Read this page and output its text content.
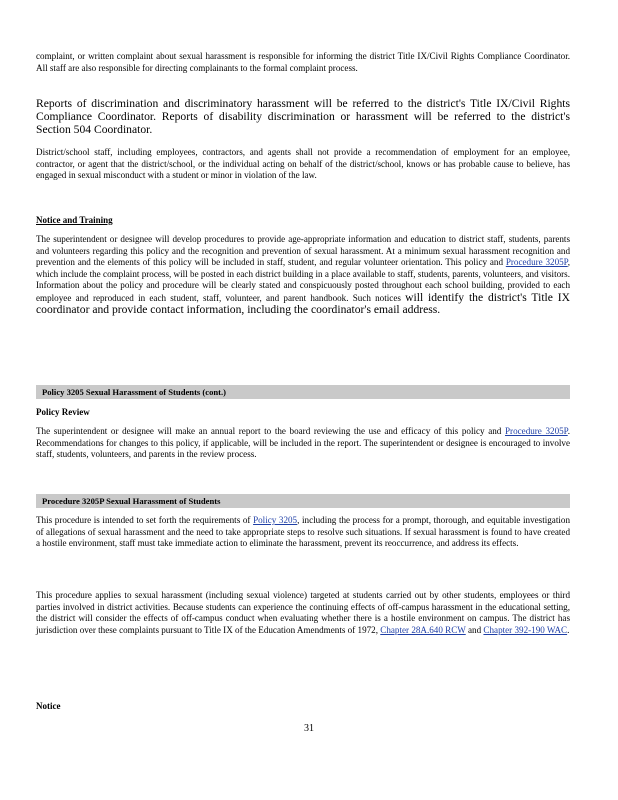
complaint, or written complaint about sexual harassment is responsible for informing the district Title IX/Civil Rights Compliance Coordinator. All staff are also responsible for directing complainants to the formal complaint process.

Reports of discrimination and discriminatory harassment will be referred to the district's Title IX/Civil Rights Compliance Coordinator. Reports of disability discrimination or harassment will be referred to the district's Section 504 Coordinator.

District/school staff, including employees, contractors, and agents shall not provide a recommendation of employment for an employee, contractor, or agent that the district/school, or the individual acting on behalf of the district/school, knows or has probable cause to believe, has engaged in sexual misconduct with a student or minor in violation of the law.

Notice and Training
The superintendent or designee will develop procedures to provide age-appropriate information and education to district staff, students, parents and volunteers regarding this policy and the recognition and prevention of sexual harassment. At a minimum sexual harassment recognition and prevention and the elements of this policy will be included in staff, student, and regular volunteer orientation. This policy and Procedure 3205P, which include the complaint process, will be posted in each district building in a place available to staff, students, parents, volunteers, and visitors. Information about the policy and procedure will be clearly stated and conspicuously posted throughout each school building, provided to each employee and reproduced in each student, staff, volunteer, and parent handbook. Such notices will identify the district's Title IX coordinator and provide contact information, including the coordinator's email address.
Policy 3205 Sexual Harassment of Students (cont.)
Policy Review
The superintendent or designee will make an annual report to the board reviewing the use and efficacy of this policy and Procedure 3205P. Recommendations for changes to this policy, if applicable, will be included in the report. The superintendent or designee is encouraged to involve staff, students, volunteers, and parents in the review process.
Procedure 3205P Sexual Harassment of Students
This procedure is intended to set forth the requirements of Policy 3205, including the process for a prompt, thorough, and equitable investigation of allegations of sexual harassment and the need to take appropriate steps to resolve such situations. If sexual harassment is found to have created a hostile environment, staff must take immediate action to eliminate the harassment, prevent its reoccurrence, and address its effects.
This procedure applies to sexual harassment (including sexual violence) targeted at students carried out by other students, employees or third parties involved in district activities. Because students can experience the continuing effects of off-campus harassment in the educational setting, the district will consider the effects of off-campus conduct when evaluating whether there is a hostile environment on campus. The district has jurisdiction over these complaints pursuant to Title IX of the Education Amendments of 1972, Chapter 28A.640 RCW and Chapter 392-190 WAC.
Notice
31
